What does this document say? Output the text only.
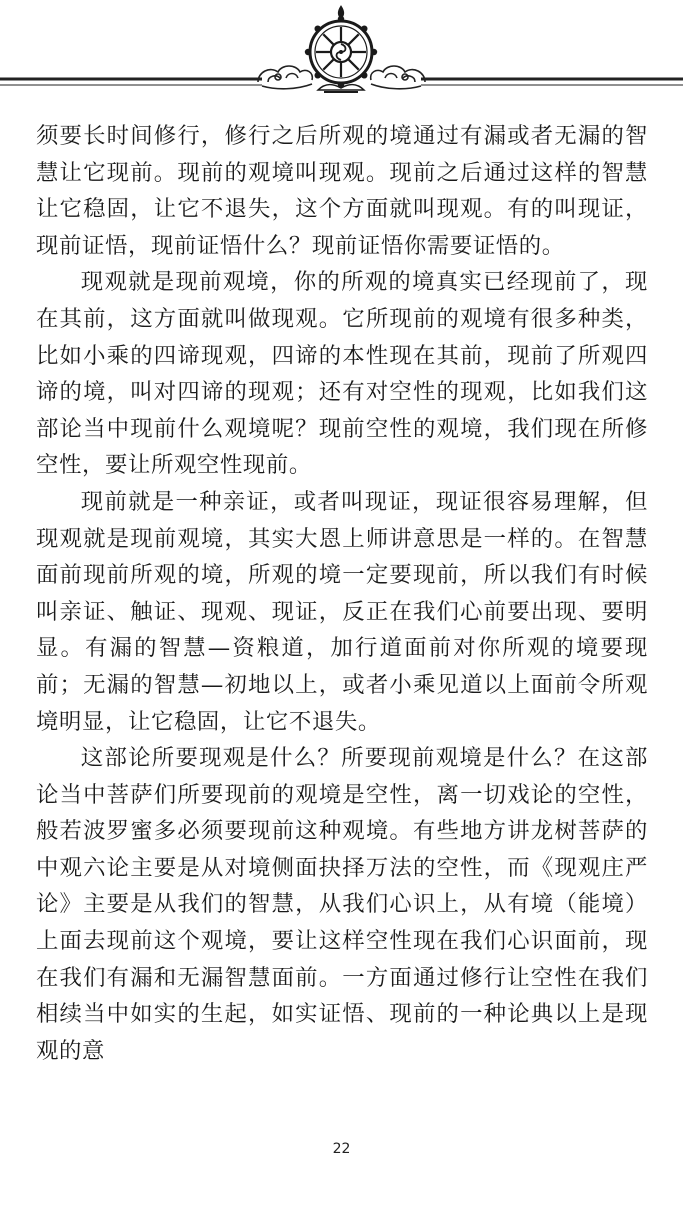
须要长时间修行，修行之后所观的境通过有漏或者无漏的智慧让它现前。现前的观境叫现观。现前之后通过这样的智慧让它稳固，让它不退失，这个方面就叫现观。有的叫现证，现前证悟，现前证悟什么？现前证悟你需要证悟的。

现观就是现前观境，你的所观的境真实已经现前了，现在其前，这方面就叫做现观。它所现前的观境有很多种类，比如小乘的四谛现观，四谛的本性现在其前，现前了所观四谛的境，叫对四谛的现观；还有对空性的现观，比如我们这部论当中现前什么观境呢？现前空性的观境，我们现在所修空性，要让所观空性现前。

现前就是一种亲证，或者叫现证，现证很容易理解，但现观就是现前观境，其实大恩上师讲意思是一样的。在智慧面前现前所观的境，所观的境一定要现前，所以我们有时候叫亲证、触证、现观、现证，反正在我们心前要出现、要明显。有漏的智慧—资粮道，加行道面前对你所观的境要现前；无漏的智慧—初地以上，或者小乘见道以上面前令所观境明显，让它稳固，让它不退失。

这部论所要现观是什么？所要现前观境是什么？在这部论当中菩萨们所要现前的观境是空性，离一切戏论的空性，般若波罗蜜多必须要现前这种观境。有些地方讲龙树菩萨的中观六论主要是从对境侧面抉择万法的空性，而《现观庄严论》主要是从我们的智慧，从我们心识上，从有境（能境）上面去现前这个观境，要让这样空性现在我们心识面前，现在我们有漏和无漏智慧面前。一方面通过修行让空性在我们相续当中如实的生起，如实证悟、现前的一种论典以上是现观的意

22
